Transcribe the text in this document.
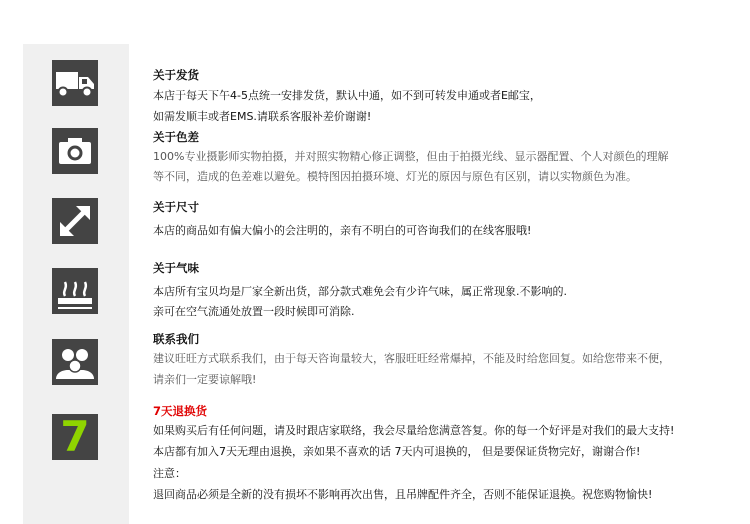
7
关于发货
本店于每天下午4-5点统一安排发货，默认中通，如不到可转发申通或者E邮宝，
如需发顺丰或者EMS.请联系客服补差价谢谢!
关于色差
100%专业摄影师实物拍摄，并对照实物精心修正调整，但由于拍摄光线、显示器配置、个人对颜色的理解
等不同，造成的色差难以避免。模特图因拍摄环境、灯光的原因与原色有区别，请以实物颜色为准。
关于尺寸
本店的商品如有偏大偏小的会注明的，亲有不明白的可咨询我们的在线客服哦!
关于气味
本店所有宝贝均是厂家全新出货，部分款式难免会有少许气味，属正常现象.不影响的.
亲可在空气流通处放置一段时候即可消除.
联系我们
建议旺旺方式联系我们，由于每天咨询量较大，客服旺旺经常爆掉，不能及时给您回复。如给您带来不便，
请亲们一定要谅解哦!
7天退换货
如果购买后有任何问题，请及时跟店家联络，我会尽量给您满意答复。你的每一个好评是对我们的最大支持!
本店都有加入7天无理由退换，亲如果不喜欢的话 7天内可退换的， 但是要保证货物完好，谢谢合作!
注意：
退回商品必须是全新的没有损坏不影响再次出售，且吊牌配件齐全，否则不能保证退换。祝您购物愉快!
